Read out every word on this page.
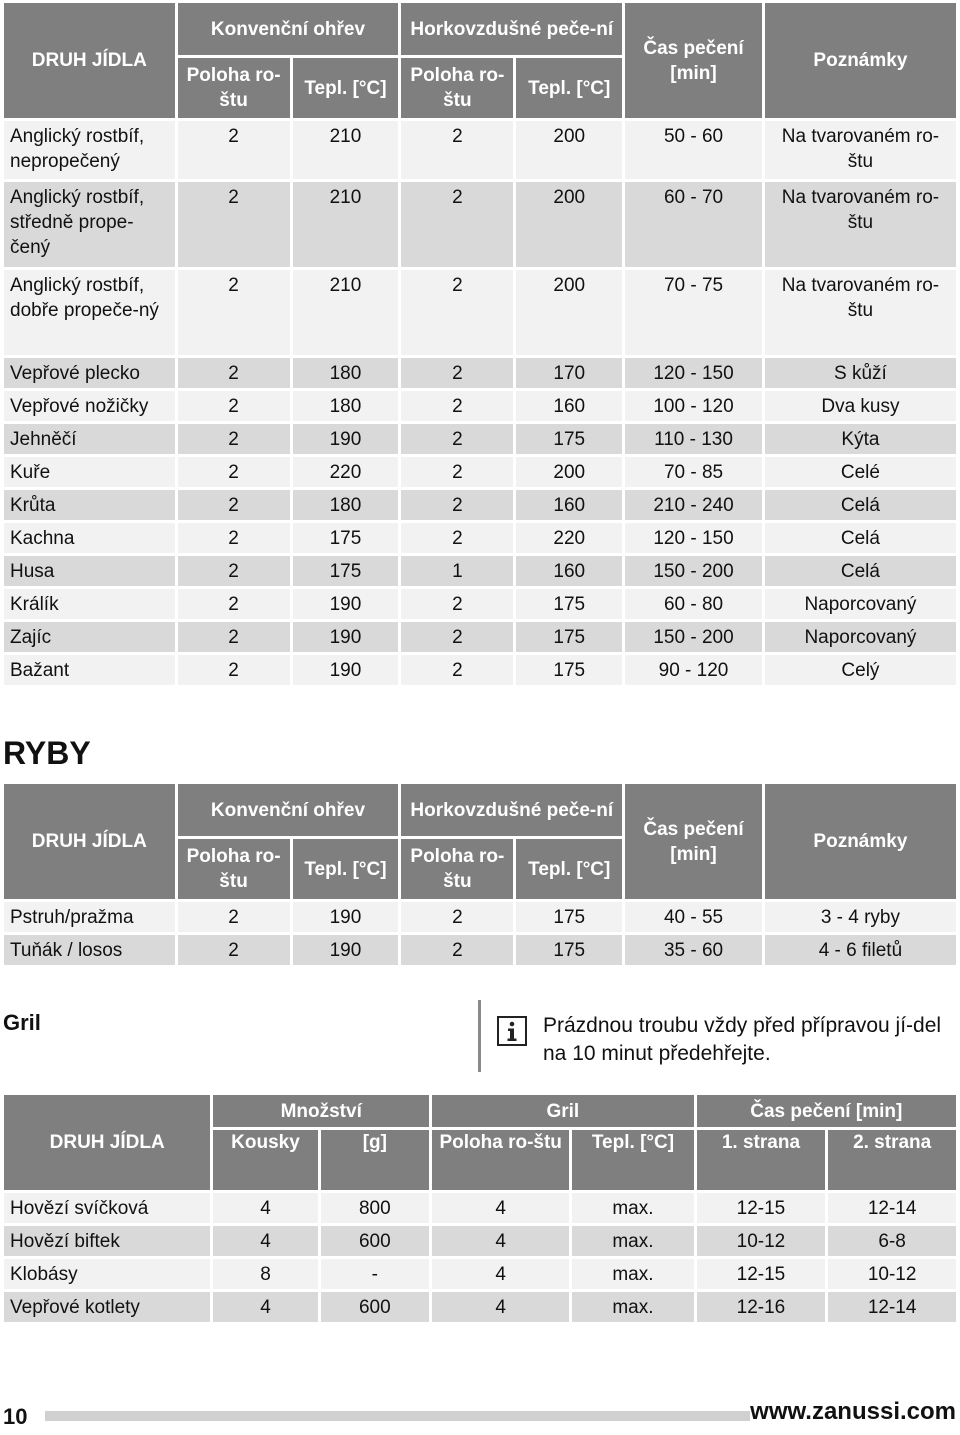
DRUH JÍDLA	Konvenční ohřev		Horkovzdušné peče-ní		Čas pečení [min]	Poznámky
	Poloha ro-štu	Tepl. [°C]	Poloha ro-štu	Tepl. [°C]		
Anglický rostbíf, nepropečený	2	210	2	200	50 - 60	Na tvarovaném ro-štu
Anglický rostbíf, středně prope-čený	2	210	2	200	60 - 70	Na tvarovaném ro-štu
Anglický rostbíf, dobře propeče-ný	2	210	2	200	70 - 75	Na tvarovaném ro-štu
Vepřové plecko	2	180	2	170	120 - 150	S kůží
Vepřové nožičky	2	180	2	160	100 - 120	Dva kusy
Jehněčí	2	190	2	175	110 - 130	Kýta
Kuře	2	220	2	200	70 - 85	Celé
Krůta	2	180	2	160	210 - 240	Celá
Kachna	2	175	2	220	120 - 150	Celá
Husa	2	175	1	160	150 - 200	Celá
Králík	2	190	2	175	60 - 80	Naporcovaný
Zajíc	2	190	2	175	150 - 200	Naporcovaný
Bažant	2	190	2	175	90 - 120	Celý
RYBY
DRUH JÍDLA	Konvenční ohřev		Horkovzdušné peče-ní		Čas pečení [min]	Poznámky
	Poloha ro-štu	Tepl. [°C]	Poloha ro-štu	Tepl. [°C]		
Pstruh/pražma	2	190	2	175	40 - 55	3 - 4 ryby
Tuňák / losos	2	190	2	175	35 - 60	4 - 6 filetů
Gril	Prázdnou troubu vždy před přípravou jí-del na 10 minut předehřejte.

DRUH JÍDLA	Množství		Gril		Čas pečení [min]	
	Kousky	[g]	Poloha ro-štu	Tepl. [°C]	1. strana	2. strana
Hovězí svíčková	4	800	4	max.	12-15	12-14
Hovězí biftek	4	600	4	max.	10-12	6-8
Klobásy	8	-	4	max.	12-15	10-12
Vepřové kotlety	4	600	4	max.	12-16	12-14
10	www.zanussi.com
